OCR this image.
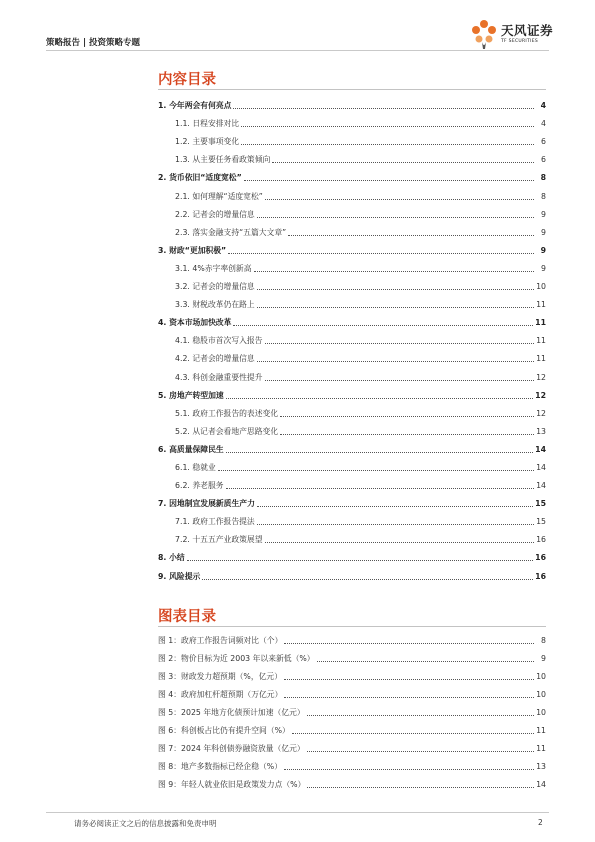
策略报告 | 投资策略专题
天风证券
TF SECURITIES
内容目录
1. 今年两会有何亮点	4
1.1. 日程安排对比	4
1.2. 主要事项变化	6
1.3. 从主要任务看政策倾向	6
2. 货币依旧“适度宽松”	8
2.1. 如何理解“适度宽松”	8
2.2. 记者会的增量信息	9
2.3. 落实金融支持“五篇大文章”	9
3. 财政“更加积极”	9
3.1. 4%赤字率创新高	9
3.2. 记者会的增量信息	10
3.3. 财税改革仍在路上	11
4. 资本市场加快改革	11
4.1. 稳股市首次写入报告	11
4.2. 记者会的增量信息	11
4.3. 科创金融重要性提升	12
5. 房地产转型加速	12
5.1. 政府工作报告的表述变化	12
5.2. 从记者会看地产思路变化	13
6. 高质量保障民生	14
6.1. 稳就业	14
6.2. 养老服务	14
7. 因地制宜发展新质生产力	15
7.1. 政府工作报告提法	15
7.2. 十五五产业政策展望	16
8. 小结	16
9. 风险提示	16
图表目录
图 1：政府工作报告词频对比（个）	8
图 2：物价目标为近 2003 年以来新低（%）	9
图 3：财政发力超预期（%，亿元）	10
图 4：政府加杠杆超预期（万亿元）	10
图 5：2025 年地方化债预计加速（亿元）	10
图 6：科创板占比仍有提升空间（%）	11
图 7：2024 年科创债券融资放量（亿元）	11
图 8：地产多数指标已经企稳（%）	13
图 9：年轻人就业依旧是政策发力点（%）	14
请务必阅读正文之后的信息披露和免责申明	2
